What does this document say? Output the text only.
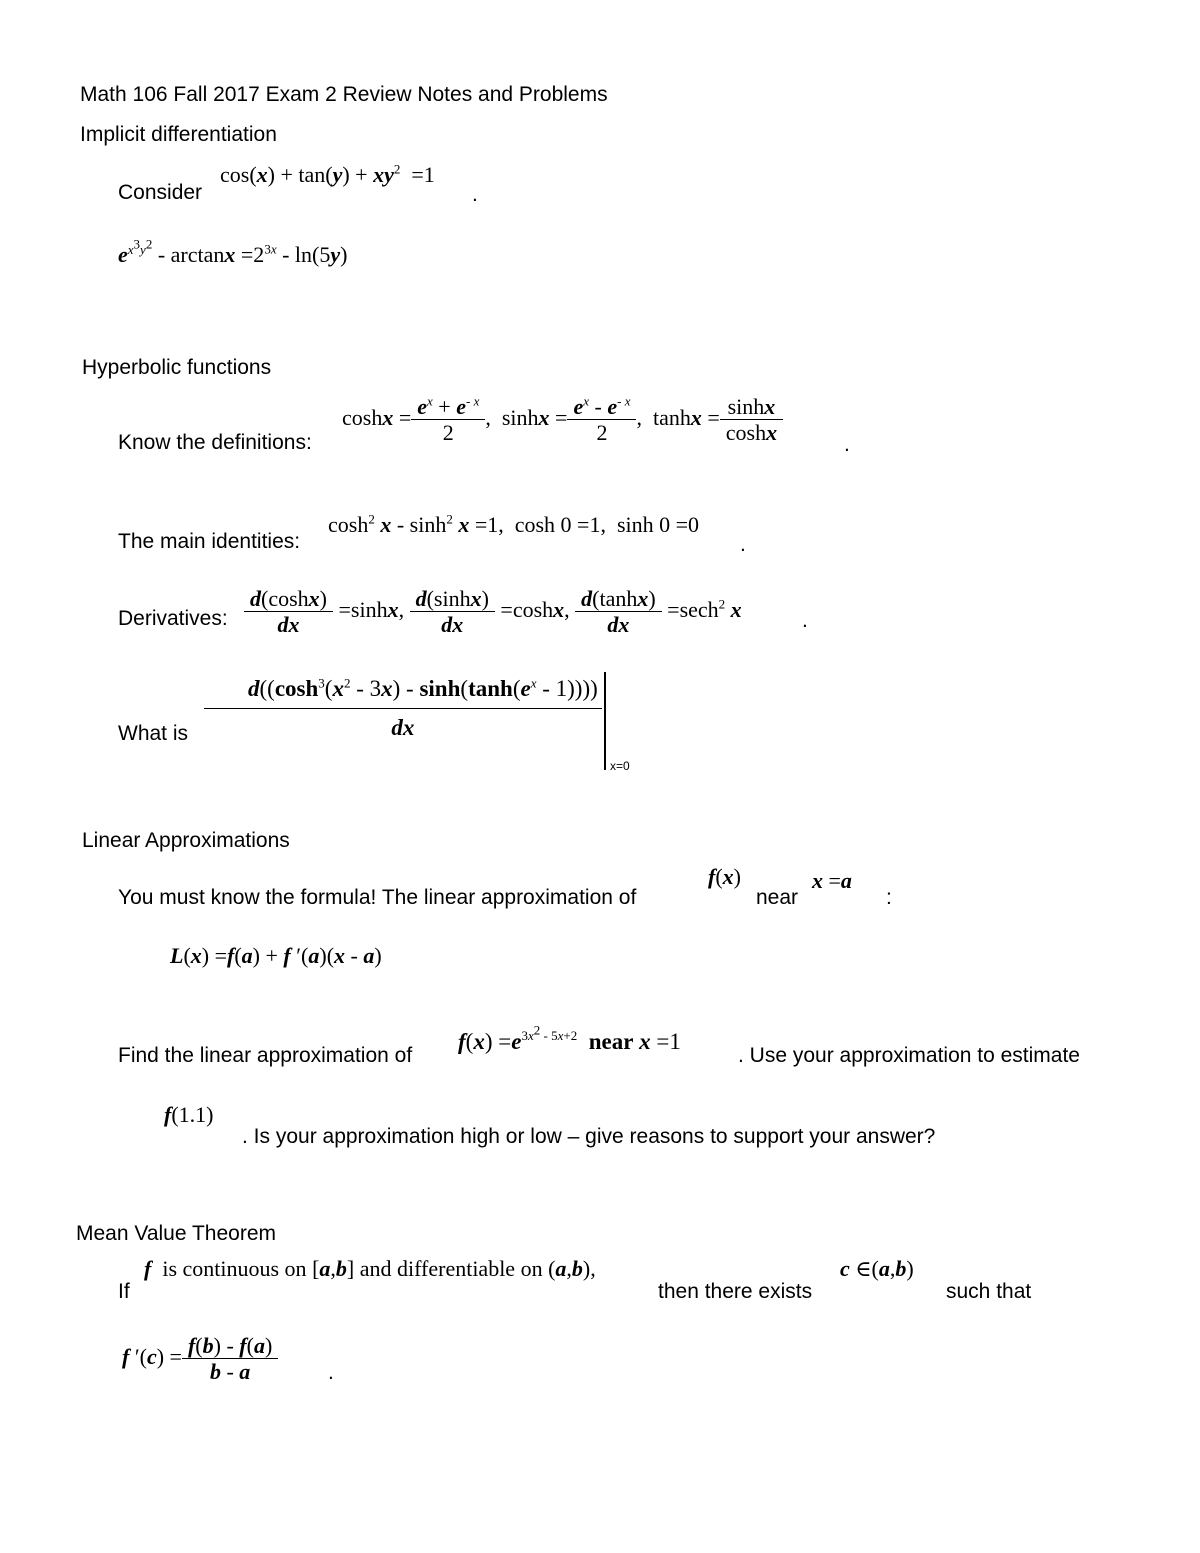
Math 106 Fall 2017 Exam 2 Review Notes and Problems
Implicit differentiation
Consider
$\cos(x) + \tan(y) + xy^2 =1$
.
$e^{x^3y^2} - \arctan x =2^{3x} - \ln(5y)$
Hyperbolic functions
Know the definitions:
$\cosh x = \frac{e^x + e^{- x}}{2}$ ,  $\sinh x = \frac{e^x - e^{- x}}{2}$ ,  $\tanh x = \frac{\sinh x}{\cosh x}$	.
The main identities:
$\cosh^2 x - \sinh^2 x =1$,  cosh 0 =1,  sinh 0 =0
.
Derivatives: $\frac{d(\cosh x)}{dx} =\sinh x$, $\frac{d(\sinh x)}{dx} =\cosh x$, $\frac{d(\tanh x)}{dx} =\sec h^2$ x	.
What is $\frac{d((\cosh^3(x^2 - 3x) - \sinh(\tanh(e^x - 1))))}{dx}$
x=0
Linear Approximations
You must know the formula! The linear approximation of
f(x)
near
x =a
:
L(x) =f(a) + f ′(a)(x - a)
Find the linear approximation of
$f(x) =e^{3x^2 - 5x+2}$ near x =1
. Use your approximation to estimate
f(1.1)
. Is your approximation high or low – give reasons to support your answer?
Mean Value Theorem
If
f is continuous on [a,b] and differentiable on (a,b),
then there exists
c ∈(a,b)
such that
f $'(c) = \frac{f(b) - f(a)}{b - a}$ .
